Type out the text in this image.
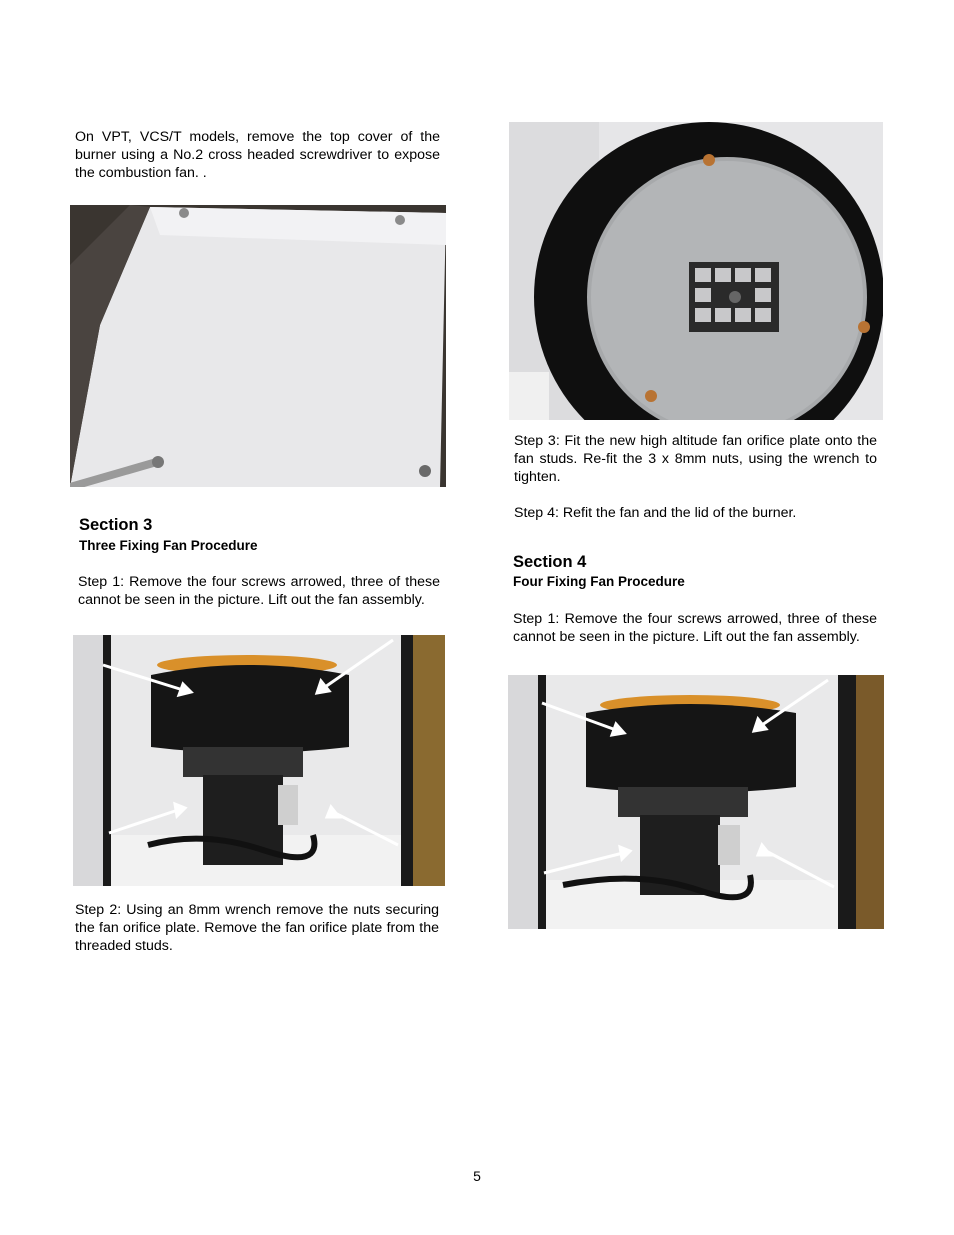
On VPT, VCS/T models, remove the top cover of the burner using a No.2 cross headed screwdriver to expose the combustion fan. .

Section 3
Three Fixing Fan Procedure

Step 1: Remove the four screws arrowed, three of these cannot be seen in the picture. Lift out the fan assembly.

Step 2: Using an 8mm wrench remove the nuts securing the fan orifice plate. Remove the fan orifice plate from the threaded studs.

Step 3: Fit the new high altitude fan orifice plate onto the fan studs. Re-fit the 3 x 8mm nuts, using the wrench to tighten.

Step 4: Refit the fan and the lid of the burner.

Section 4
Four Fixing Fan Procedure

Step 1: Remove the four screws arrowed, three of these cannot be seen in the picture. Lift out the fan assembly.

5
